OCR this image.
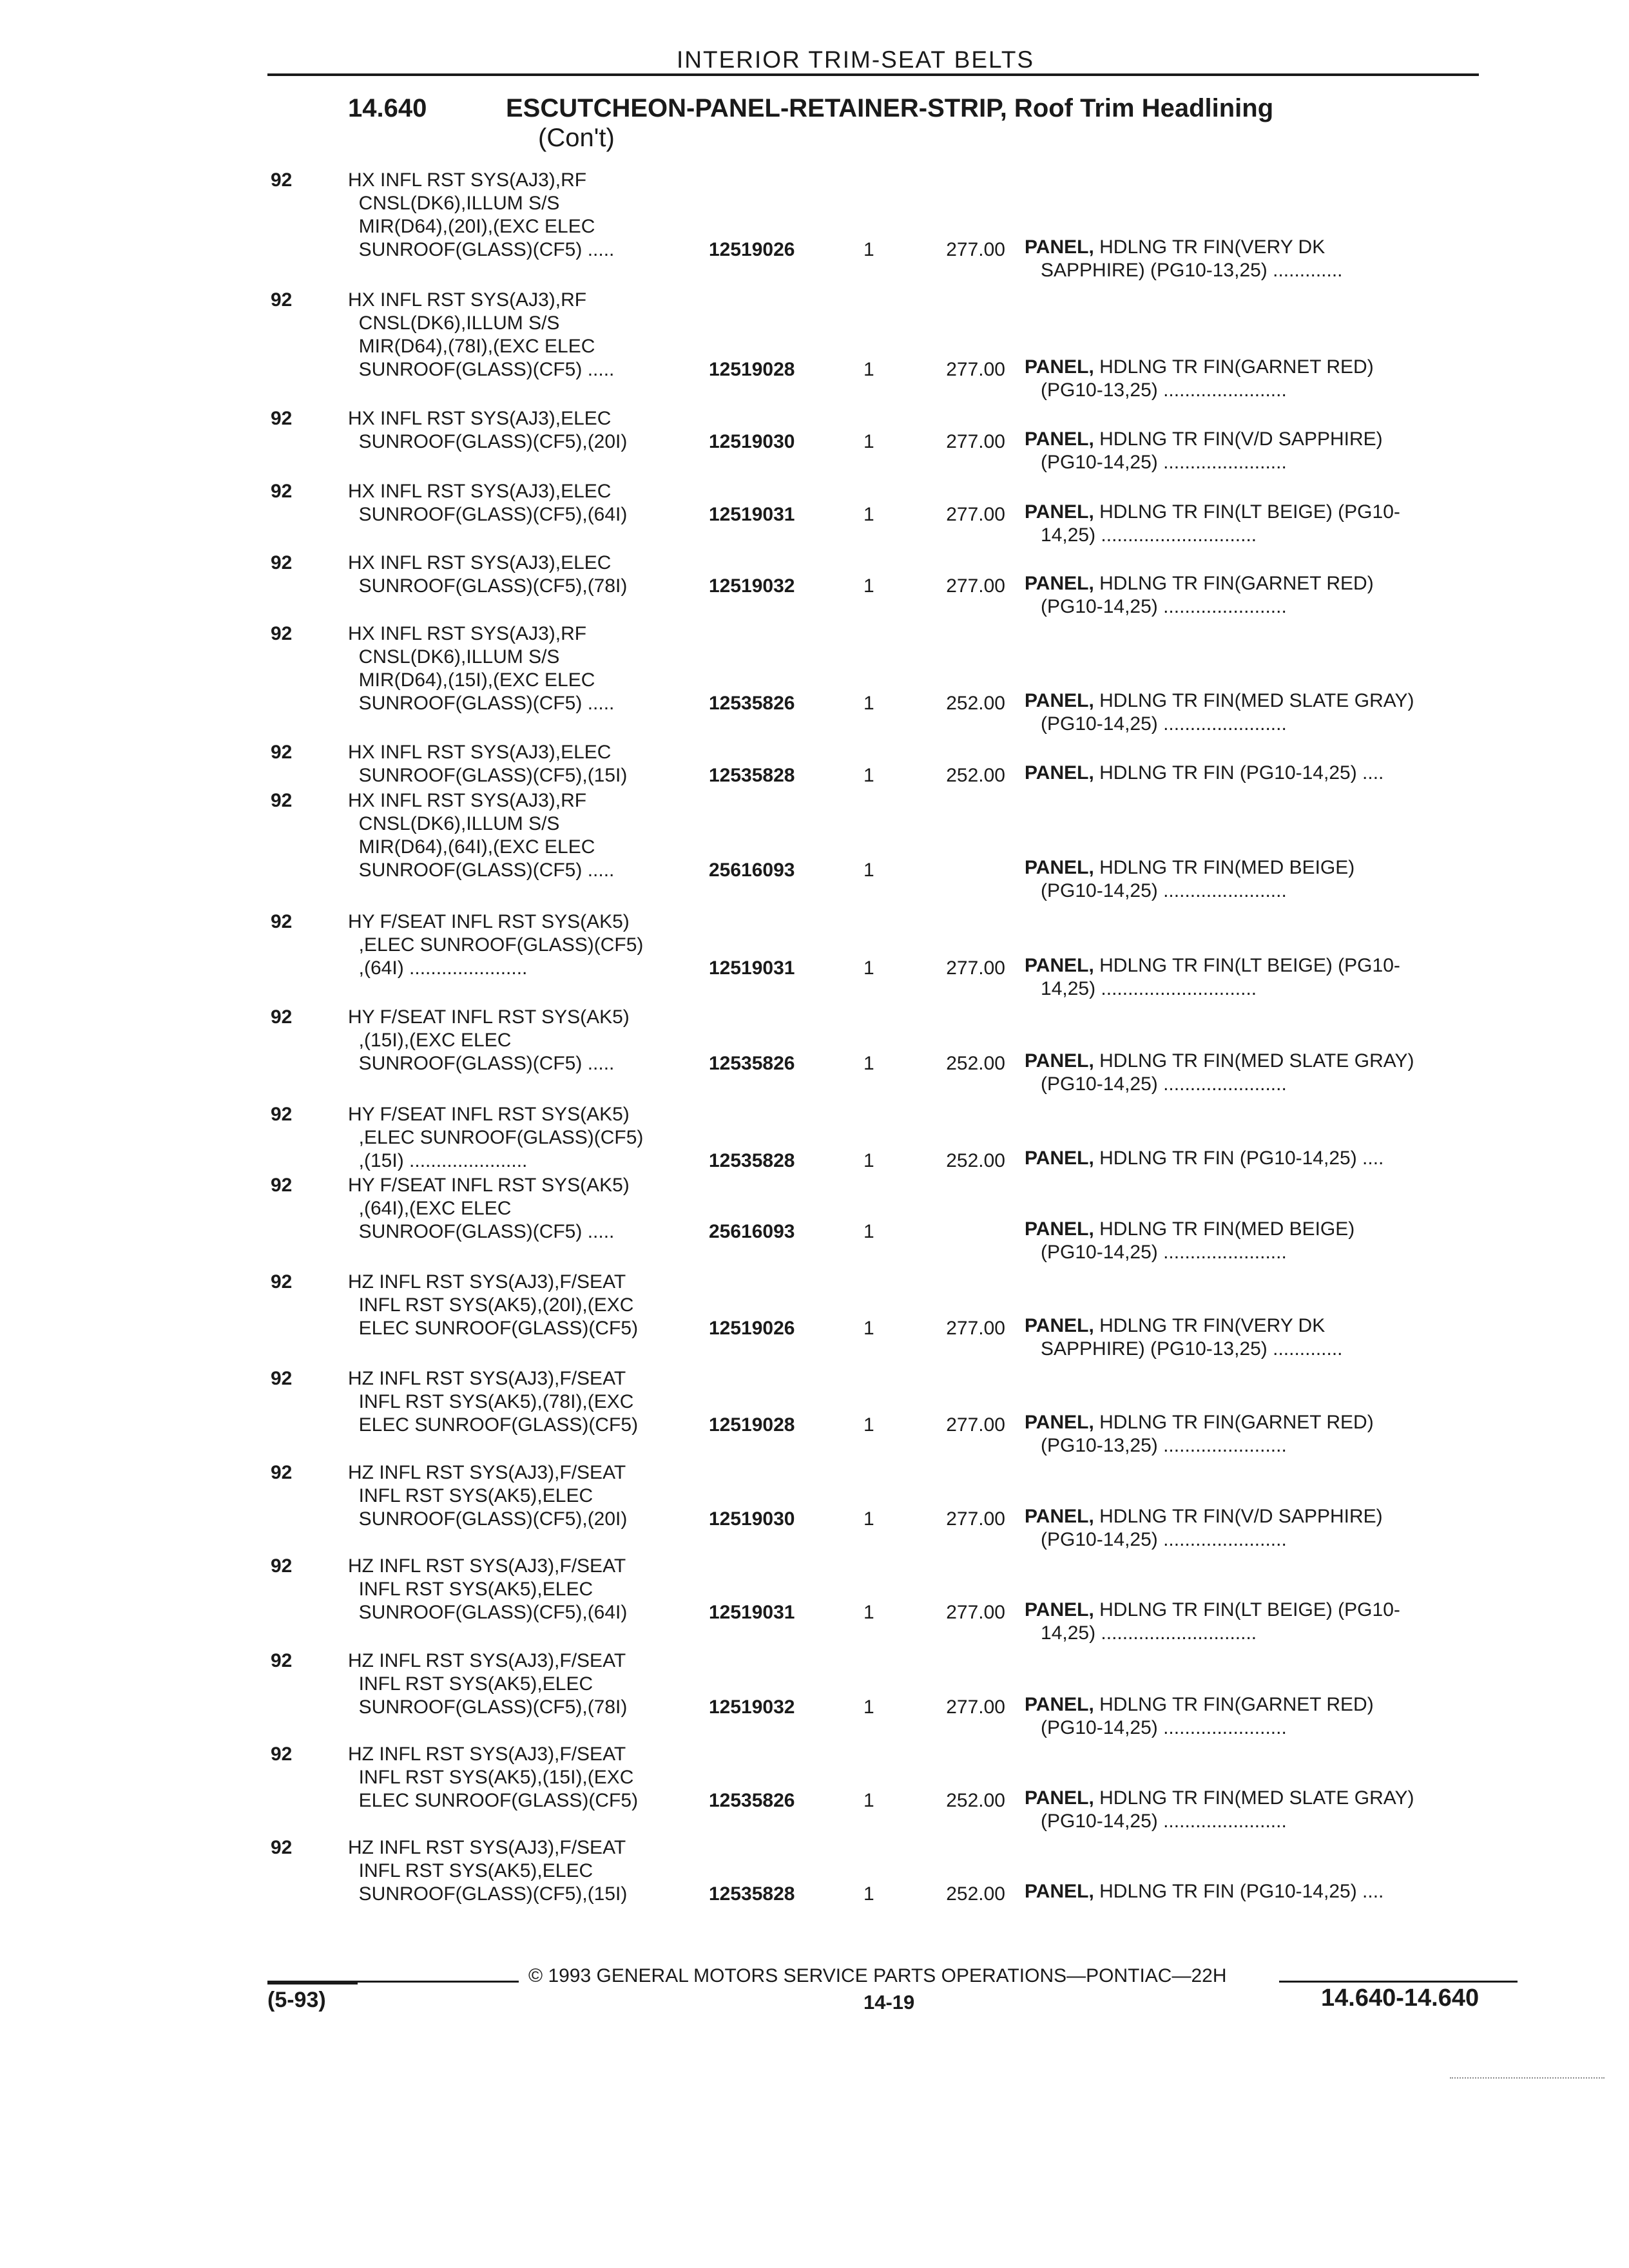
INTERIOR TRIM-SEAT BELTS
14.640	ESCUTCHEON-PANEL-RETAINER-STRIP, Roof Trim Headlining
(Con't)
92	HX INFL RST SYS(AJ3),RF
CNSL(DK6),ILLUM S/S
MIR(D64),(20I),(EXC ELEC
SUNROOF(GLASS)(CF5) .....	12519026	1	277.00 PANEL, HDLNG TR FIN(VERY DK
SAPPHIRE) (PG10-13,25) .............
92	HX INFL RST SYS(AJ3),RF
CNSL(DK6),ILLUM S/S
MIR(D64),(78I),(EXC ELEC
SUNROOF(GLASS)(CF5) .....	12519028	1	277.00 PANEL, HDLNG TR FIN(GARNET RED)
(PG10-13,25) .......................
92	HX INFL RST SYS(AJ3),ELEC
SUNROOF(GLASS)(CF5),(20I)	12519030	1	277.00 PANEL, HDLNG TR FIN(V/D SAPPHIRE)
(PG10-14,25) .......................
92	HX INFL RST SYS(AJ3),ELEC
SUNROOF(GLASS)(CF5),(64I)	12519031	1	277.00 PANEL, HDLNG TR FIN(LT BEIGE) (PG10-
14,25) .............................
92	HX INFL RST SYS(AJ3),ELEC
SUNROOF(GLASS)(CF5),(78I)	12519032	1	277.00 PANEL, HDLNG TR FIN(GARNET RED)
(PG10-14,25) .......................
92	HX INFL RST SYS(AJ3),RF
CNSL(DK6),ILLUM S/S
MIR(D64),(15I),(EXC ELEC
SUNROOF(GLASS)(CF5) .....	12535826	1	252.00 PANEL, HDLNG TR FIN(MED SLATE GRAY)
(PG10-14,25) .......................
92	HX INFL RST SYS(AJ3),ELEC
SUNROOF(GLASS)(CF5),(15I)	12535828	1	252.00 PANEL, HDLNG TR FIN (PG10-14,25) ....
92	HX INFL RST SYS(AJ3),RF
CNSL(DK6),ILLUM S/S
MIR(D64),(64I),(EXC ELEC
SUNROOF(GLASS)(CF5) .....	25616093	1	PANEL, HDLNG TR FIN(MED BEIGE)
(PG10-14,25) .......................
92	HY F/SEAT INFL RST SYS(AK5)
,ELEC SUNROOF(GLASS)(CF5)
,(64I) ......................	12519031	1	277.00 PANEL, HDLNG TR FIN(LT BEIGE) (PG10-
14,25) .............................
92	HY F/SEAT INFL RST SYS(AK5)
,(15I),(EXC ELEC
SUNROOF(GLASS)(CF5) .....	12535826	1	252.00 PANEL, HDLNG TR FIN(MED SLATE GRAY)
(PG10-14,25) .......................
92	HY F/SEAT INFL RST SYS(AK5)
,ELEC SUNROOF(GLASS)(CF5)
,(15I) ......................	12535828	1	252.00 PANEL, HDLNG TR FIN (PG10-14,25) ....
92	HY F/SEAT INFL RST SYS(AK5)
,(64I),(EXC ELEC
SUNROOF(GLASS)(CF5) .....	25616093	1	PANEL, HDLNG TR FIN(MED BEIGE)
(PG10-14,25) .......................
92	HZ INFL RST SYS(AJ3),F/SEAT
INFL RST SYS(AK5),(20I),(EXC
ELEC SUNROOF(GLASS)(CF5)	12519026	1	277.00 PANEL, HDLNG TR FIN(VERY DK
SAPPHIRE) (PG10-13,25) .............
92	HZ INFL RST SYS(AJ3),F/SEAT
INFL RST SYS(AK5),(78I),(EXC
ELEC SUNROOF(GLASS)(CF5)	12519028	1	277.00 PANEL, HDLNG TR FIN(GARNET RED)
(PG10-13,25) .......................
92	HZ INFL RST SYS(AJ3),F/SEAT
INFL RST SYS(AK5),ELEC
SUNROOF(GLASS)(CF5),(20I)	12519030	1	277.00 PANEL, HDLNG TR FIN(V/D SAPPHIRE)
(PG10-14,25) .......................
92	HZ INFL RST SYS(AJ3),F/SEAT
INFL RST SYS(AK5),ELEC
SUNROOF(GLASS)(CF5),(64I)	12519031	1	277.00 PANEL, HDLNG TR FIN(LT BEIGE) (PG10-
14,25) .............................
92	HZ INFL RST SYS(AJ3),F/SEAT
INFL RST SYS(AK5),ELEC
SUNROOF(GLASS)(CF5),(78I)	12519032	1	277.00 PANEL, HDLNG TR FIN(GARNET RED)
(PG10-14,25) .......................
92	HZ INFL RST SYS(AJ3),F/SEAT
INFL RST SYS(AK5),(15I),(EXC
ELEC SUNROOF(GLASS)(CF5)	12535826	1	252.00 PANEL, HDLNG TR FIN(MED SLATE GRAY)
(PG10-14,25) .......................
92	HZ INFL RST SYS(AJ3),F/SEAT
INFL RST SYS(AK5),ELEC
SUNROOF(GLASS)(CF5),(15I)	12535828	1	252.00 PANEL, HDLNG TR FIN (PG10-14,25) ....
© 1993 GENERAL MOTORS SERVICE PARTS OPERATIONS—PONTIAC—22H
(5-93)	14-19	14.640-14.640
